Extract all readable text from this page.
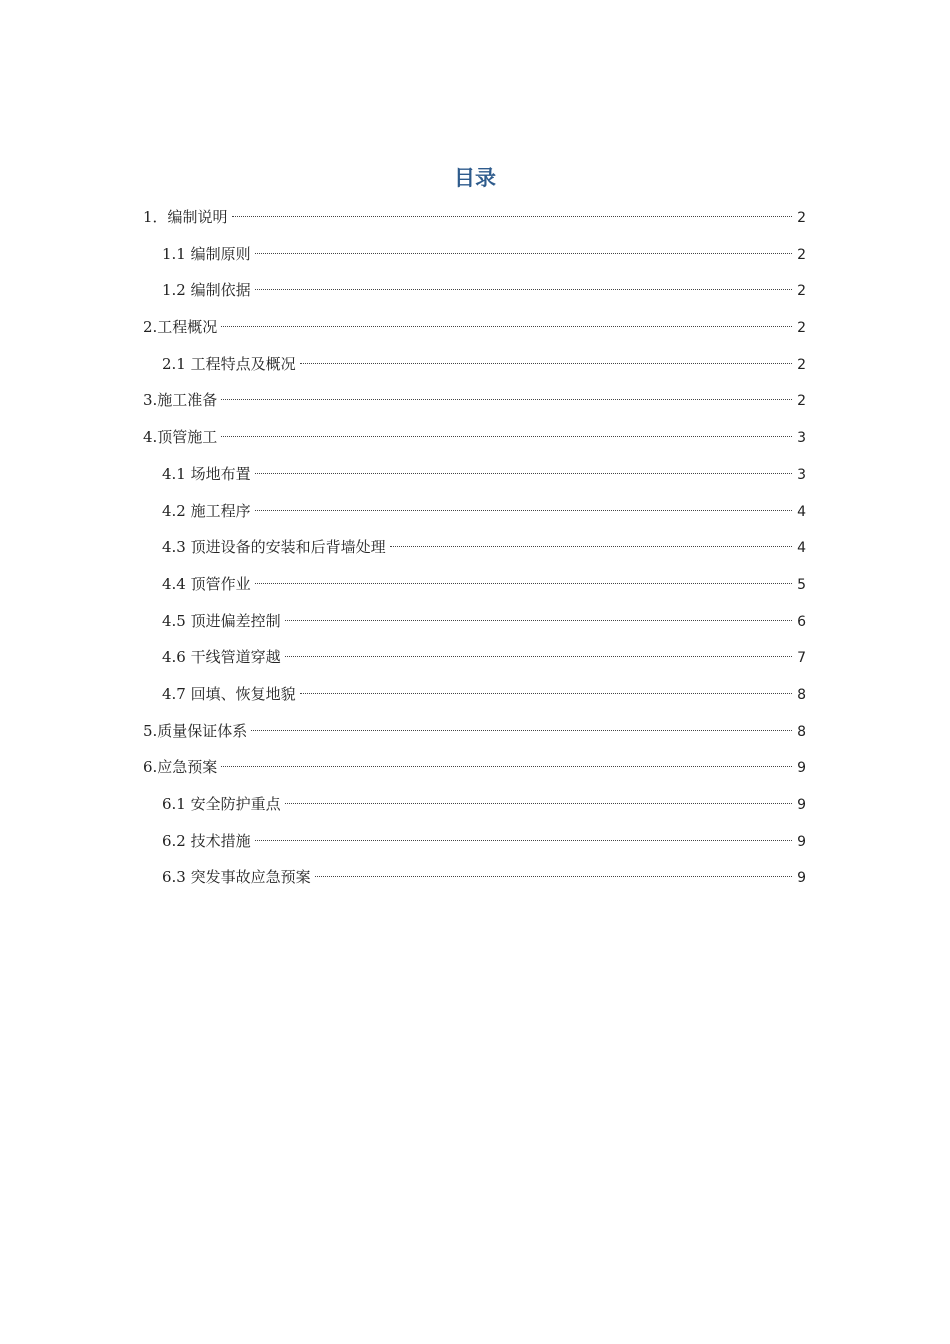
目录
1．编制说明	2
1.1 编制原则	2
1.2 编制依据	2
2.工程概况	2
2.1 工程特点及概况	2
3.施工准备	2
4.顶管施工	3
4.1 场地布置	3
4.2 施工程序	4
4.3 顶进设备的安装和后背墙处理	4
4.4 顶管作业	5
4.5 顶进偏差控制	6
4.6 干线管道穿越	7
4.7 回填、恢复地貌	8
5.质量保证体系	8
6.应急预案	9
6.1 安全防护重点	9
6.2 技术措施	9
6.3 突发事故应急预案	9
